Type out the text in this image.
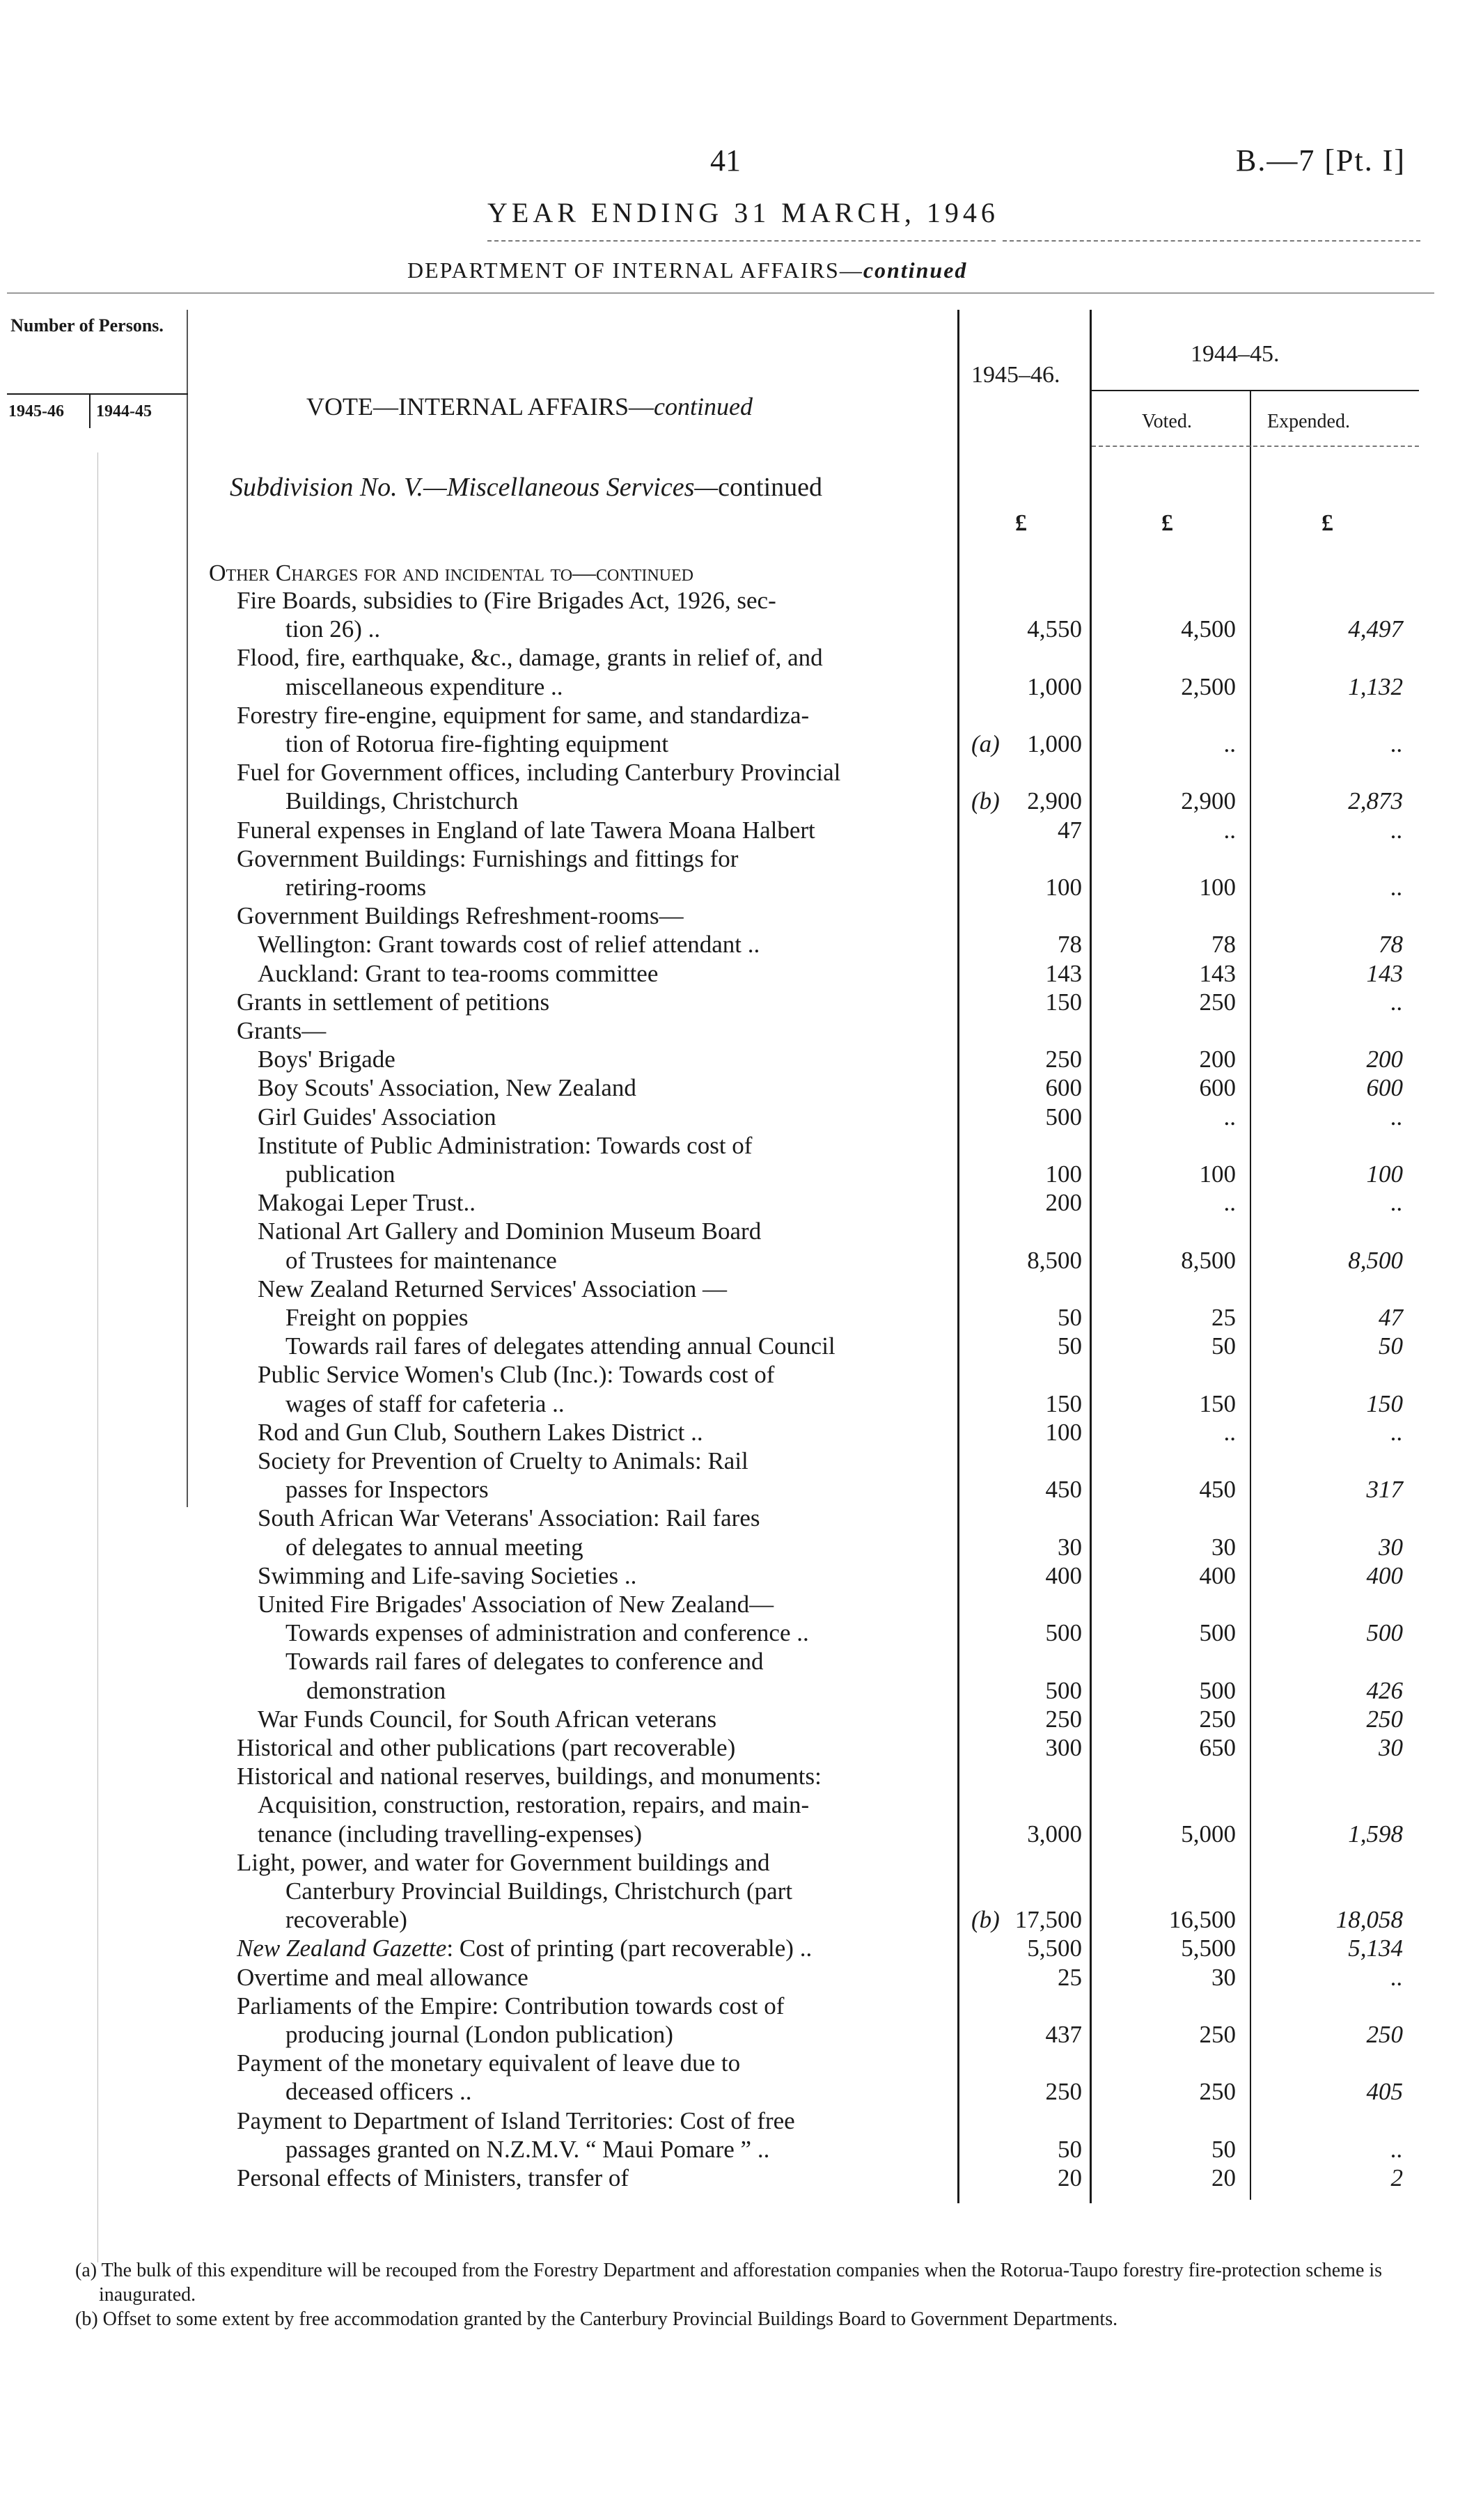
41	B.—7 [Pt. I]
YEAR ENDING 31 MARCH, 1946
DEPARTMENT OF INTERNAL AFFAIRS—continued
Number of Persons.
1945-46 1944-45	VOTE—INTERNAL AFFAIRS—continued
Subdivision No. V.—Miscellaneous Services—continued
1945–46.
1944–45.
Voted.	Expended.
£	£	£
Other Charges for and incidental to—continued
Fire Boards, subsidies to (Fire Brigades Act, 1926, sec-
tion 26) ..	4,550	4,500	4,497
Flood, fire, earthquake, &c., damage, grants in relief of, and
miscellaneous expenditure ..	1,000	2,500	1,132
Forestry fire-engine, equipment for same, and standardiza-
tion of Rotorua fire-fighting equipment	(a) 1,000	..	..
Fuel for Government offices, including Canterbury Provincial
Buildings, Christchurch	(b) 2,900	2,900	2,873
Funeral expenses in England of late Tawera Moana Halbert	47	..	..
Government Buildings: Furnishings and fittings for
retiring-rooms	100	100	..
Government Buildings Refreshment-rooms—
Wellington: Grant towards cost of relief attendant ..	78	78	78
Auckland: Grant to tea-rooms committee	143	143	143
Grants in settlement of petitions	150	250	..
Grants—
Boys' Brigade	250	200	200
Boy Scouts' Association, New Zealand	600	600	600
Girl Guides' Association	500	..	..
Institute of Public Administration: Towards cost of
publication	100	100	100
Makogai Leper Trust..	200	..	..
National Art Gallery and Dominion Museum Board
of Trustees for maintenance	8,500	8,500	8,500
New Zealand Returned Services' Association —
Freight on poppies	50	25	47
Towards rail fares of delegates attending annual Council	50	50	50
Public Service Women's Club (Inc.): Towards cost of
wages of staff for cafeteria ..	150	150	150
Rod and Gun Club, Southern Lakes District ..	100	..	..
Society for Prevention of Cruelty to Animals: Rail
passes for Inspectors	450	450	317
South African War Veterans' Association: Rail fares
of delegates to annual meeting	30	30	30
Swimming and Life-saving Societies ..	400	400	400
United Fire Brigades' Association of New Zealand—
Towards expenses of administration and conference ..	500	500	500
Towards rail fares of delegates to conference and
demonstration	500	500	426
War Funds Council, for South African veterans	250	250	250
Historical and other publications (part recoverable)	300	650	30
Historical and national reserves, buildings, and monuments:
Acquisition, construction, restoration, repairs, and main-
tenance (including travelling-expenses)	3,000	5,000	1,598
Light, power, and water for Government buildings and
Canterbury Provincial Buildings, Christchurch (part
recoverable)	(b) 17,500	16,500	18,058
New Zealand Gazette: Cost of printing (part recoverable) ..	5,500	5,500	5,134
Overtime and meal allowance	25	30	..
Parliaments of the Empire: Contribution towards cost of
producing journal (London publication)	437	250	250
Payment of the monetary equivalent of leave due to
deceased officers ..	250	250	405
Payment to Department of Island Territories: Cost of free
passages granted on N.Z.M.V. “ Maui Pomare ” ..	50	50	..
Personal effects of Ministers, transfer of	20	20	2
(a) The bulk of this expenditure will be recouped from the Forestry Department and afforestation companies when the Rotorua-Taupo forestry fire-protection scheme is inaugurated.
(b) Offset to some extent by free accommodation granted by the Canterbury Provincial Buildings Board to Government Departments.
